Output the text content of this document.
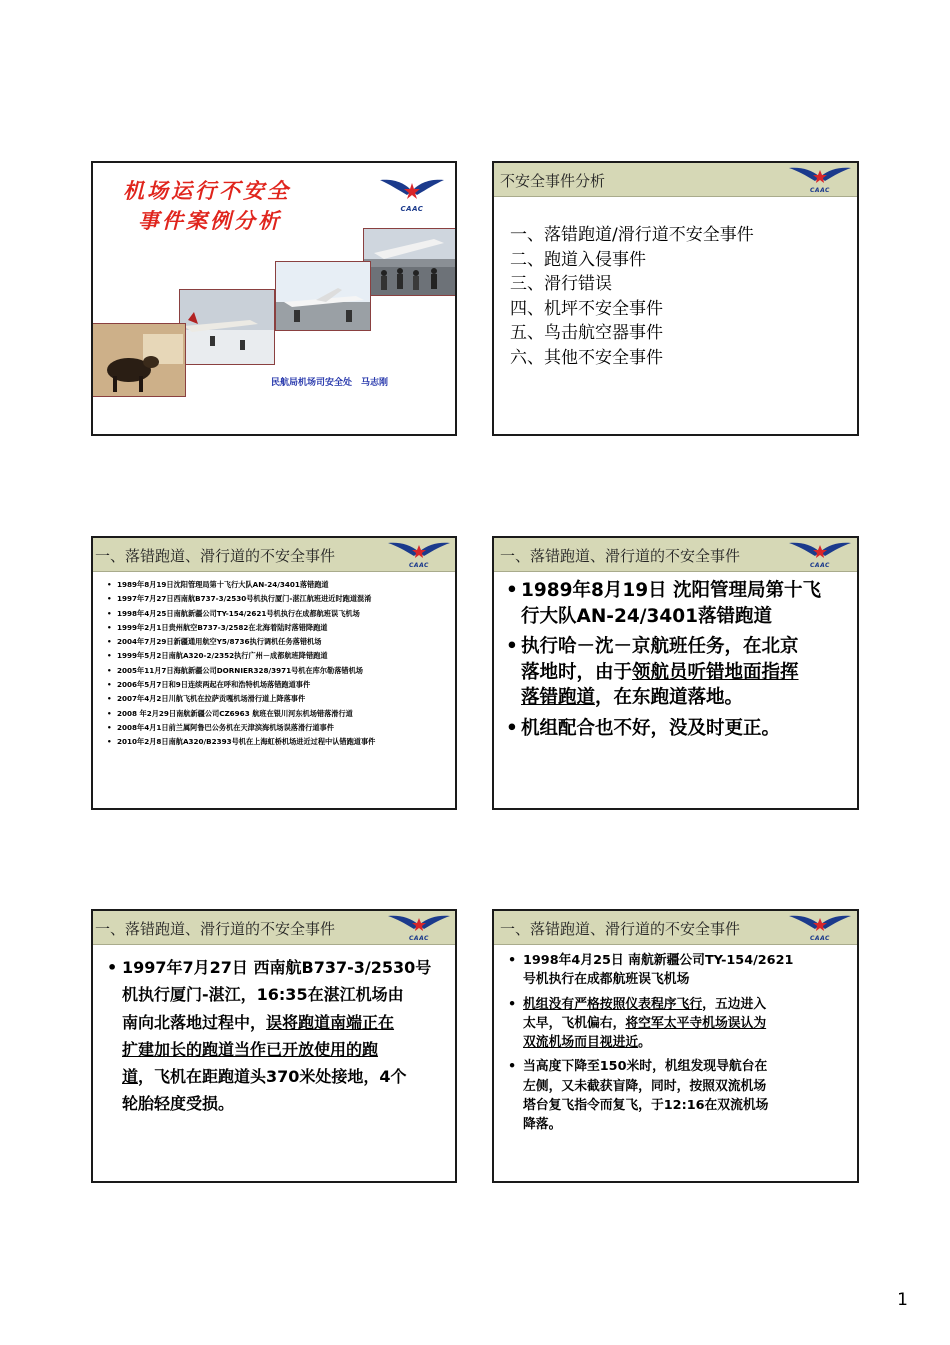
机场运行不安全
事件案例分析	CAAC
民航局机场司安全处　马志刚
不安全事件分析
CAAC
一、落错跑道/滑行道不安全事件
二、跑道入侵事件
三、滑行错误
四、机坪不安全事件
五、鸟击航空器事件
六、其他不安全事件
一、落错跑道、滑行道的不安全事件
CAAC
• 1989年8月19日沈阳管理局第十飞行大队AN-24/3401落错跑道
• 1997年7月27日西南航B737-3/2530号机执行厦门-湛江航班进近时跑道混淆
• 1998年4月25日南航新疆公司TY-154/2621号机执行在成都航班误飞机场
• 1999年2月1日贵州航空B737-3/2582在北海着陆时落错降跑道
• 2004年7月29日新疆通用航空Y5/8736执行调机任务落错机场
• 1999年5月2日南航A320-2/2352执行广州－成都航班降错跑道
• 2005年11月7日海航新疆公司DORNIER328/3971号机在库尔勒落错机场
• 2006年5月7日和9日连续两起在呼和浩特机场落错跑道事件
• 2007年4月2日川航飞机在拉萨贡嘎机场滑行道上降落事件
• 2008 年2月29日南航新疆公司CZ6963 航班在银川河东机场错落滑行道
• 2008年4月1日前兰属阿鲁巴公务机在天津滨海机场误落滑行道事件
• 2010年2月8日南航A320/B2393号机在上海虹桥机场进近过程中认错跑道事件
一、落错跑道、滑行道的不安全事件
CAAC
• 1989年8月19日 沈阳管理局第十飞
行大队AN-24/3401落错跑道
• 执行哈－沈－京航班任务，在北京
落地时，由于领航员听错地面指挥
落错跑道，在东跑道落地。
• 机组配合也不好，没及时更正。
一、落错跑道、滑行道的不安全事件
CAAC
• 1997年7月27日 西南航B737-3/2530号
机执行厦门-湛江，16:35在湛江机场由
南向北落地过程中，误将跑道南端正在
扩建加长的跑道当作已开放使用的跑
道，飞机在距跑道头370米处接地，4个
轮胎轻度受损。
一、落错跑道、滑行道的不安全事件
CAAC
• 1998年4月25日 南航新疆公司TY-154/2621
号机执行在成都航班误飞机场
• 机组没有严格按照仪表程序飞行，五边进入
太早，飞机偏右，将空军太平寺机场误认为
双流机场而目视进近。
• 当高度下降至150米时，机组发现导航台在
左侧，又未截获盲降，同时，按照双流机场
塔台复飞指令而复飞，于12:16在双流机场
降落。
1
